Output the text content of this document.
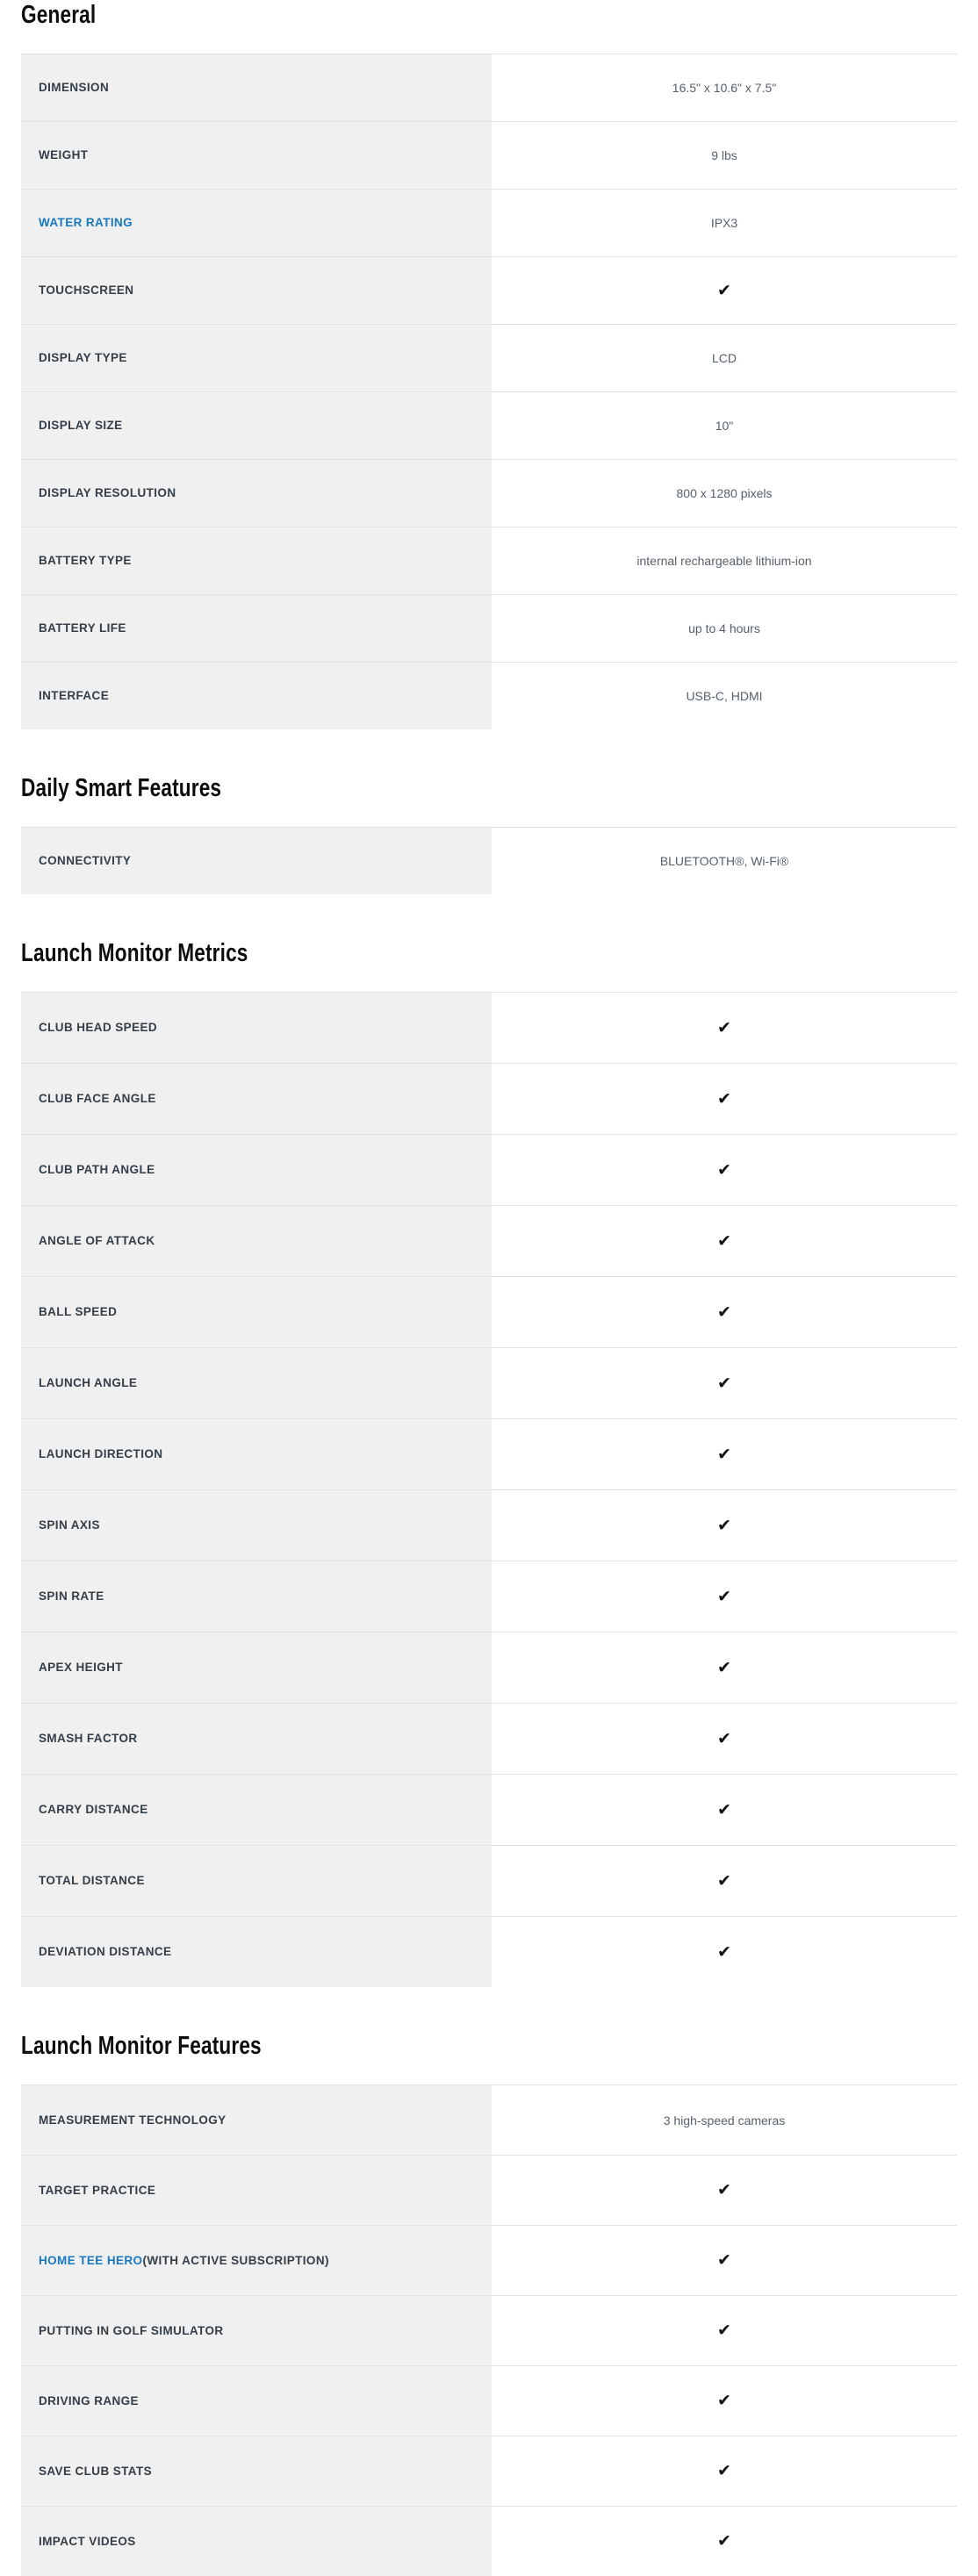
General
DIMENSION	16.5" x 10.6" x 7.5"
WEIGHT	9 lbs
WATER RATING	IPX3
TOUCHSCREEN	✔
DISPLAY TYPE	LCD
DISPLAY SIZE	10"
DISPLAY RESOLUTION	800 x 1280 pixels
BATTERY TYPE	internal rechargeable lithium-ion
BATTERY LIFE	up to 4 hours
INTERFACE	USB-C, HDMI
Daily Smart Features
CONNECTIVITY	BLUETOOTH®, Wi-Fi®
Launch Monitor Metrics
CLUB HEAD SPEED	✔
CLUB FACE ANGLE	✔
CLUB PATH ANGLE	✔
ANGLE OF ATTACK	✔
BALL SPEED	✔
LAUNCH ANGLE	✔
LAUNCH DIRECTION	✔
SPIN AXIS	✔
SPIN RATE	✔
APEX HEIGHT	✔
SMASH FACTOR	✔
CARRY DISTANCE	✔
TOTAL DISTANCE	✔
DEVIATION DISTANCE	✔
Launch Monitor Features
MEASUREMENT TECHNOLOGY	3 high-speed cameras
TARGET PRACTICE	✔
HOME TEE HERO (WITH ACTIVE SUBSCRIPTION)	✔
PUTTING IN GOLF SIMULATOR	✔
DRIVING RANGE	✔
SAVE CLUB STATS	✔
IMPACT VIDEOS	✔
